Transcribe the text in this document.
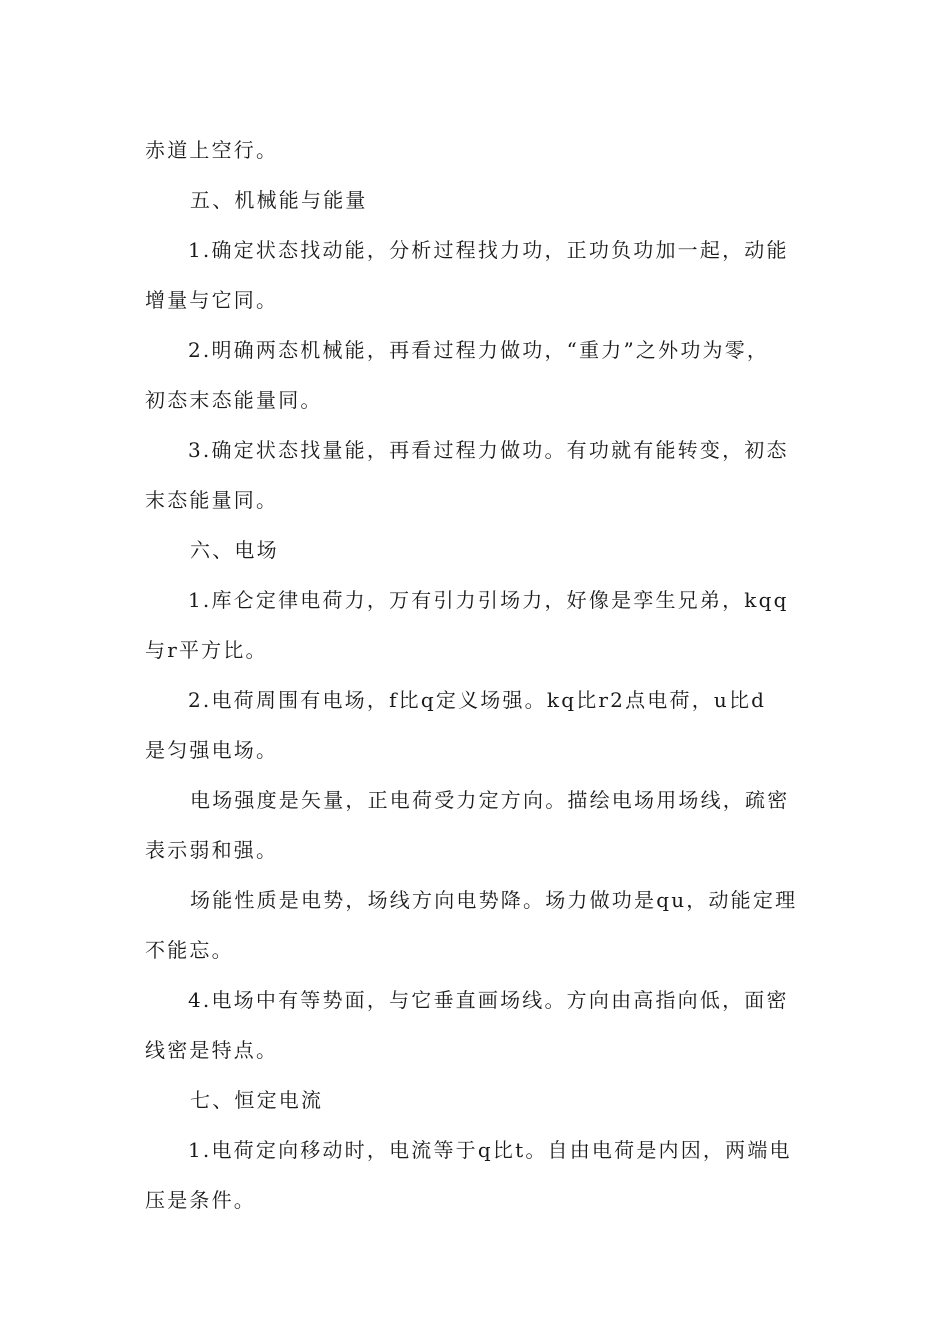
赤道上空行。
五、机械能与能量
1.确定状态找动能，分析过程找力功，正功负功加一起，动能
增量与它同。
2.明确两态机械能，再看过程力做功，“重力”之外功为零，
初态末态能量同。
3.确定状态找量能，再看过程力做功。有功就有能转变，初态
末态能量同。
六、电场
1.库仑定律电荷力，万有引力引场力，好像是孪生兄弟，kqq
与r平方比。
2.电荷周围有电场，f比q定义场强。kq比r2点电荷，u比d
是匀强电场。
电场强度是矢量，正电荷受力定方向。描绘电场用场线，疏密
表示弱和强。
场能性质是电势，场线方向电势降。场力做功是qu，动能定理
不能忘。
4.电场中有等势面，与它垂直画场线。方向由高指向低，面密
线密是特点。
七、恒定电流
1.电荷定向移动时，电流等于q比t。自由电荷是内因，两端电
压是条件。
